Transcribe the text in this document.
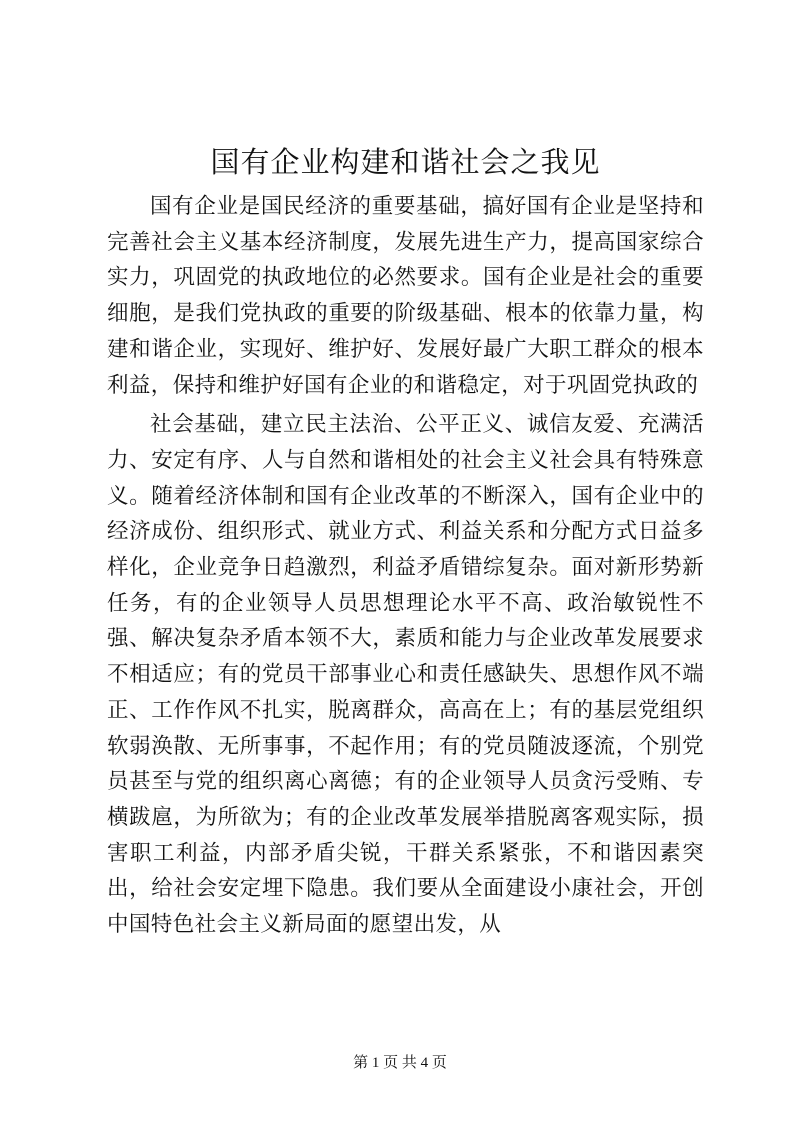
国有企业构建和谐社会之我见

国有企业是国民经济的重要基础，搞好国有企业是坚持和完善社会主义基本经济制度，发展先进生产力，提高国家综合实力，巩固党的执政地位的必然要求。国有企业是社会的重要细胞，是我们党执政的重要的阶级基础、根本的依靠力量，构建和谐企业，实现好、维护好、发展好最广大职工群众的根本利益，保持和维护好国有企业的和谐稳定，对于巩固党执政的

社会基础，建立民主法治、公平正义、诚信友爱、充满活力、安定有序、人与自然和谐相处的社会主义社会具有特殊意义。随着经济体制和国有企业改革的不断深入，国有企业中的经济成份、组织形式、就业方式、利益关系和分配方式日益多样化，企业竞争日趋激烈，利益矛盾错综复杂。面对新形势新任务，有的企业领导人员思想理论水平不高、政治敏锐性不强、解决复杂矛盾本领不大，素质和能力与企业改革发展要求不相适应；有的党员干部事业心和责任感缺失、思想作风不端正、工作作风不扎实，脱离群众，高高在上；有的基层党组织软弱涣散、无所事事，不起作用；有的党员随波逐流，个别党员甚至与党的组织离心离德；有的企业领导人员贪污受贿、专横跋扈，为所欲为；有的企业改革发展举措脱离客观实际，损害职工利益，内部矛盾尖锐，干群关系紧张，不和谐因素突出，给社会安定埋下隐患。我们要从全面建设小康社会，开创中国特色社会主义新局面的愿望出发，从

第 1 页 共 4 页
